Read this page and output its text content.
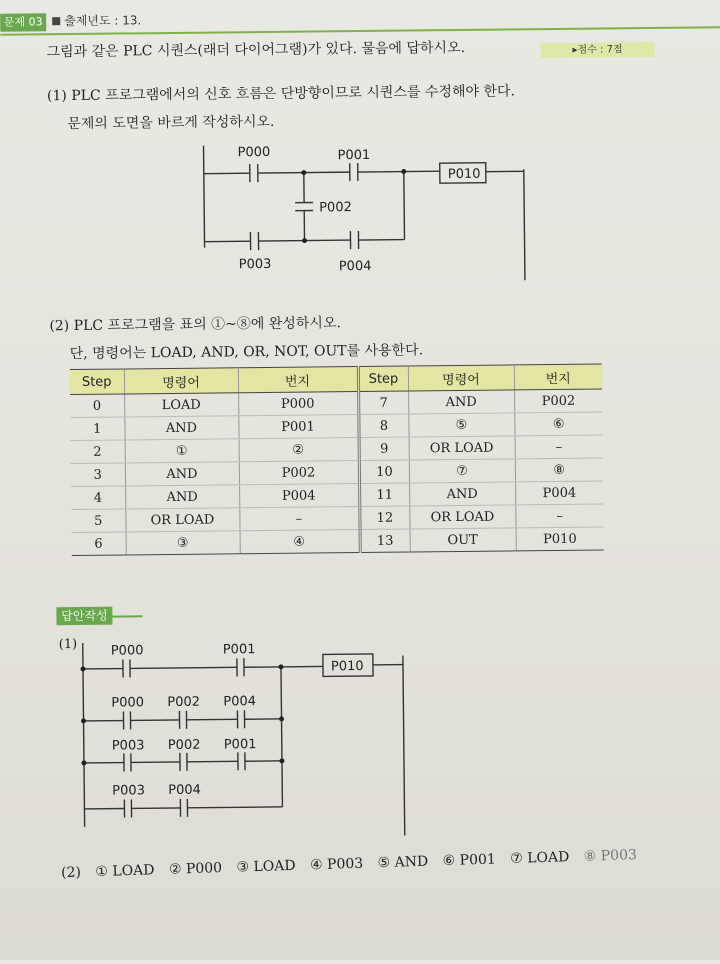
문제 03	출제년도 : 13.
▸점수 : 7점
그림과 같은 PLC 시퀀스(래더 다이어그램)가 있다. 물음에 답하시오.
(1) PLC 프로그램에서의 신호 흐름은 단방향이므로 시퀀스를 수정해야 한다.
문제의 도면을 바르게 작성하시오.
P000	P001
P002
P003	P004
P010
(2) PLC 프로그램을 표의 ①~⑧에 완성하시오.
단, 명령어는 LOAD, AND, OR, NOT, OUT를 사용한다.
Step	명령어	번지	Step	명령어	번지
0	LOAD	P000	7	AND	P002
1	AND	P001	8	⑤	⑥
2	①	②	9	OR LOAD	–
3	AND	P002	10	⑦	⑧
4	AND	P004	11	AND	P004
5	OR LOAD	–	12	OR LOAD	–
6	③	④	13	OUT	P010
답안작성
(1)	P000	P001
P010
P000 P002 P004
P003 P002 P001
P003 P004
(2) ① LOAD ② P000 ③ LOAD ④ P003 ⑤ AND ⑥ P001 ⑦ LOAD ⑧ P003
